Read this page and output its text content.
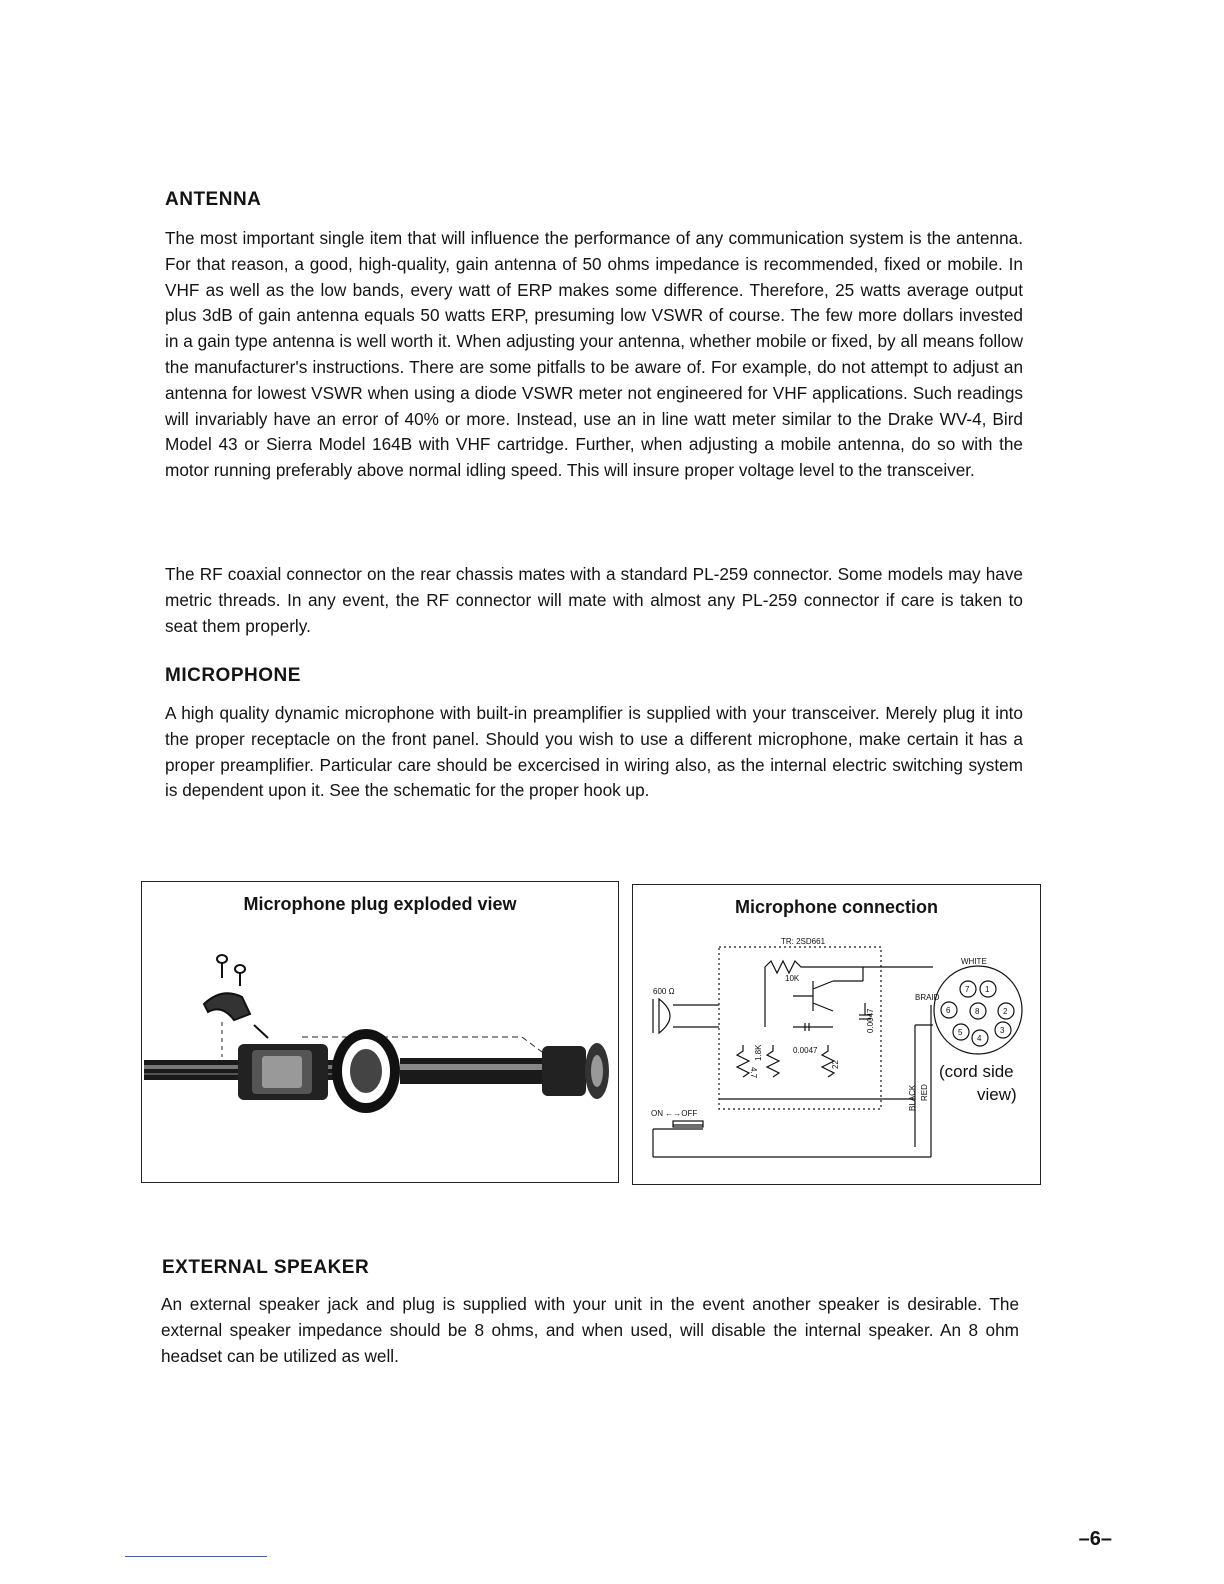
ANTENNA
The most important single item that will influence the performance of any communication system is the antenna. For that reason, a good, high-quality, gain antenna of 50 ohms impedance is recommended, fixed or mobile. In VHF as well as the low bands, every watt of ERP makes some difference. Therefore, 25 watts average output plus 3dB of gain antenna equals 50 watts ERP, presuming low VSWR of course. The few more dollars invested in a gain type antenna is well worth it. When adjusting your antenna, whether mobile or fixed, by all means follow the manufacturer's instructions. There are some pitfalls to be aware of. For example, do not attempt to adjust an antenna for lowest VSWR when using a diode VSWR meter not engineered for VHF applications. Such readings will invariably have an error of 40% or more. Instead, use an in line watt meter similar to the Drake WV-4, Bird Model 43 or Sierra Model 164B with VHF cartridge. Further, when adjusting a mobile antenna, do so with the motor running preferably above normal idling speed. This will insure proper voltage level to the transceiver.
The RF coaxial connector on the rear chassis mates with a standard PL-259 connector. Some models may have metric threads. In any event, the RF connector will mate with almost any PL-259 connector if care is taken to seat them properly.
MICROPHONE
A high quality dynamic microphone with built-in preamplifier is supplied with your transceiver. Merely plug it into the proper receptacle on the front panel. Should you wish to use a different microphone, make certain it has a proper preamplifier. Particular care should be excercised in wiring also, as the internal electric switching system is dependent upon it. See the schematic for the proper hook up.
Microphone plug exploded view	Microphone connection
TR: 2SD661
10K
600 Ω
0.0047
0.0047
4.7
1.8K
22
ON ←→OFF
WHITE
BRAID
BLACK RED
7 1
6	8	2
5
4
3
(cord side
view)
EXTERNAL SPEAKER
An external speaker jack and plug is supplied with your unit in the event another speaker is desirable. The external speaker impedance should be 8 ohms, and when used, will disable the internal speaker. An 8 ohm headset can be utilized as well.
–6–
